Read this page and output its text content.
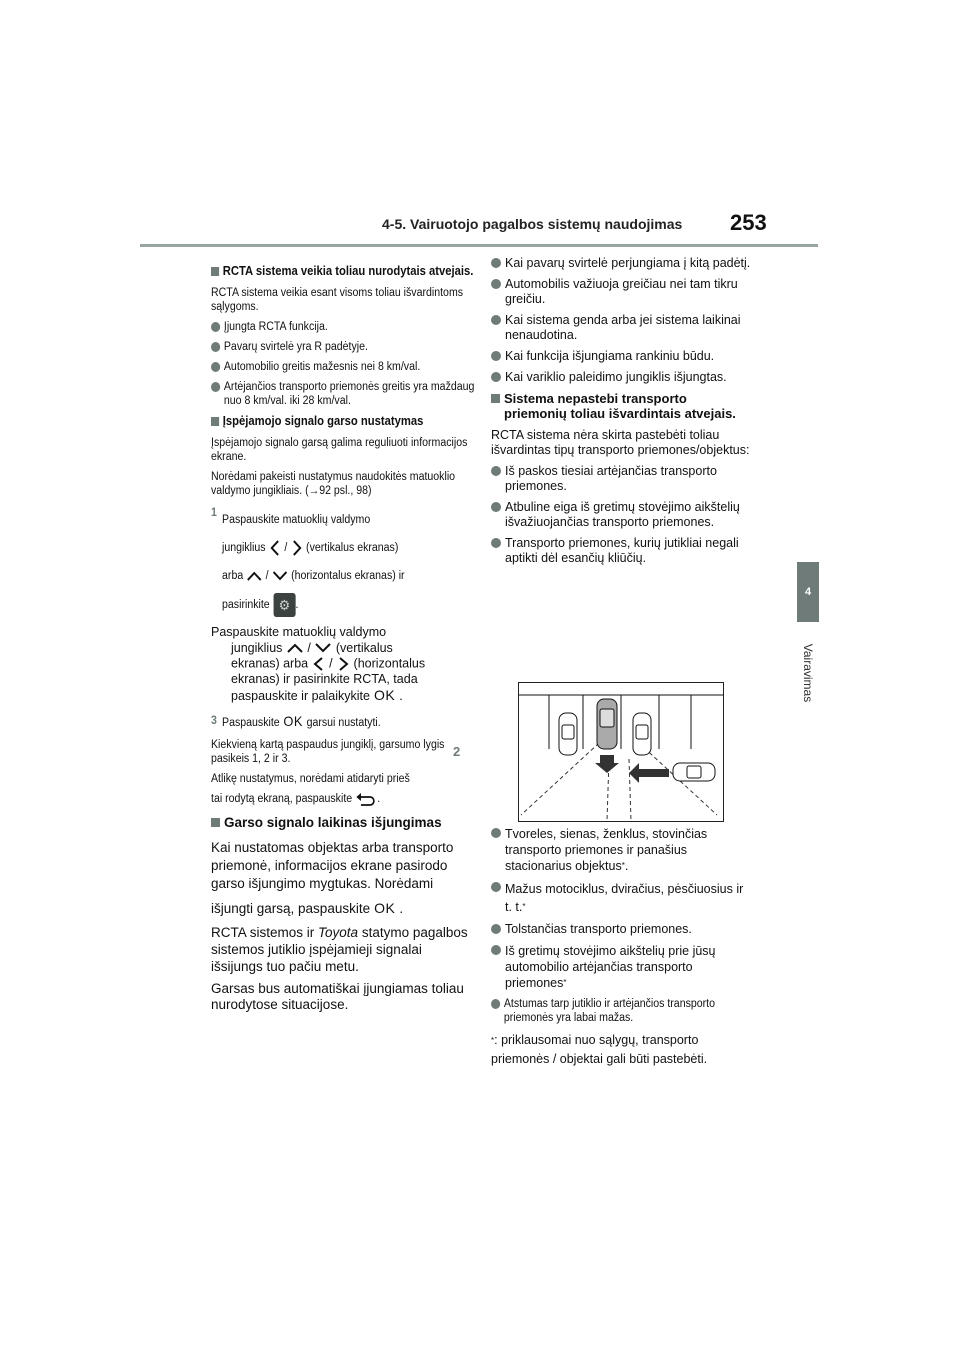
4-5. Vairuotojo pagalbos sistemų naudojimas	253
4
Vairavimas
RCTA sistema veikia toliau nurodytais atvejais.
RCTA sistema veikia esant visoms toliau išvardintoms sąlygoms.
Įjungta RCTA funkcija.
Pavarų svirtelė yra R padėtyje.
Automobilio greitis mažesnis nei 8 km/val.
Artėjančios transporto priemonės greitis yra maždaug nuo 8 km/val. iki 28 km/val.
Įspėjamojo signalo garso nustatymas
Įspėjamojo signalo garsą galima reguliuoti informacijos ekrane.
Norėdami pakeisti nustatymus naudokitės matuoklio valdymo jungikliais. (→92 psl., 98)
1
Paspauskite matuoklių valdymo
jungiklius / (vertikalus ekranas)
arba / (horizontalus ekranas) ir
pasirinkite ⚙ .
Paspauskite matuoklių valdymo
jungiklius / (vertikalus
ekranas) arba / (horizontalus
ekranas) ir pasirinkite RCTA, tada
paspauskite ir palaikykite OK .
3 Paspauskite OK garsui nustatyti.
Kiekvieną kartą paspaudus jungiklį, garsumo lygis pasikeis 1, 2 ir 3.
Atlikę nustatymus, norėdami atidaryti prieš
tai rodytą ekraną, paspauskite .
Garso signalo laikinas išjungimas
Kai nustatomas objektas arba transporto priemonė, informacijos ekrane pasirodo garso išjungimo mygtukas. Norėdami
išjungti garsą, paspauskite OK .
RCTA sistemos ir Toyota statymo pagalbos sistemos jutiklio įspėjamieji signalai išsijungs tuo pačiu metu.
Garsas bus automatiškai įjungiamas toliau nurodytose situacijose.
2
Kai pavarų svirtelė perjungiama į kitą padėtį.
Automobilis važiuoja greičiau nei tam tikru greičiu.
Kai sistema genda arba jei sistema laikinai nenaudotina.
Kai funkcija išjungiama rankiniu būdu.
Kai variklio paleidimo jungiklis išjungtas.
Sistema nepastebi transporto priemonių toliau išvardintais atvejais.
RCTA sistema nėra skirta pastebėti toliau išvardintas tipų transporto priemones/objektus:
Iš paskos tiesiai artėjančias transporto priemones.
Atbuline eiga iš gretimų stovėjimo aikštelių išvažiuojančias transporto priemones.
Transporto priemones, kurių jutikliai negali aptikti dėl esančių kliūčių.
Tvoreles, sienas, ženklus, stovinčias transporto priemones ir panašius stacionarius objektus*.
Mažus motociklus, dviračius, pėsčiuosius ir t. t.*
Tolstančias transporto priemones.
Iš gretimų stovėjimo aikštelių prie jūsų automobilio artėjančias transporto priemones*
Atstumas tarp jutiklio ir artėjančios transporto priemonės yra labai mažas.
*: priklausomai nuo sąlygų, transporto priemonės / objektai gali būti pastebėti.
